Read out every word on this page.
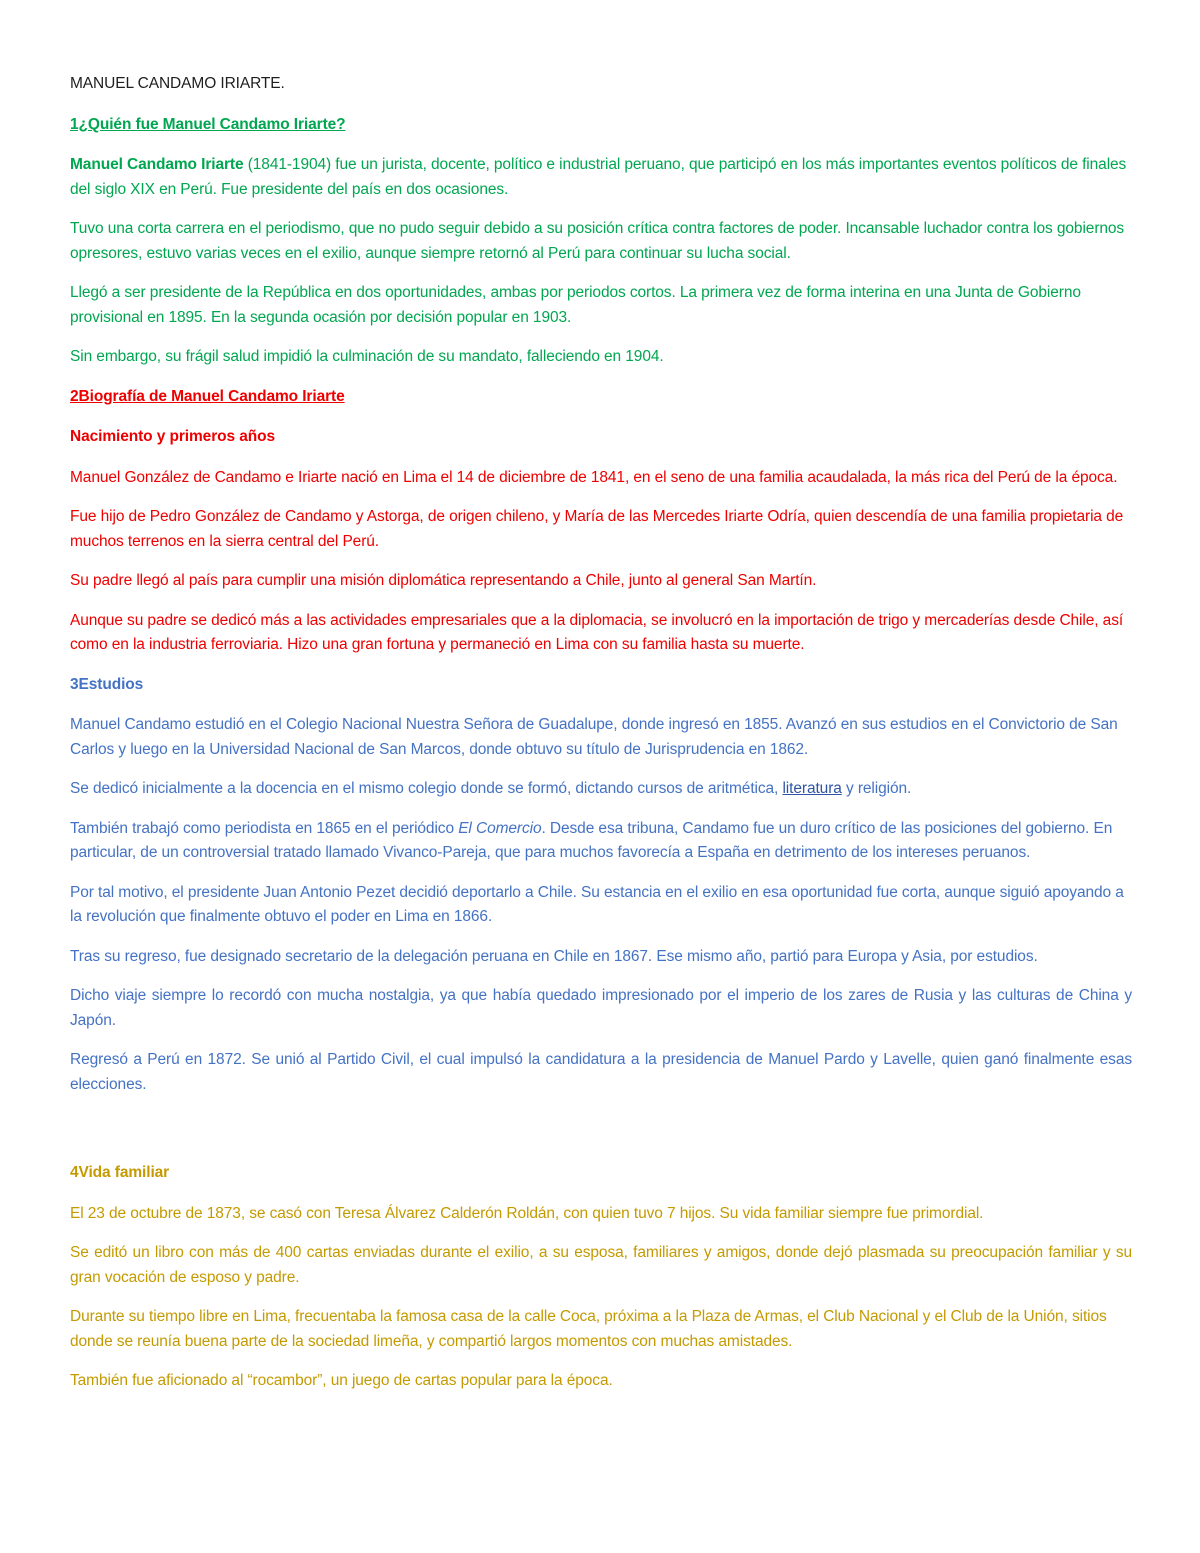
MANUEL CANDAMO IRIARTE.

1¿Quién fue Manuel Candamo Iriarte?

Manuel Candamo Iriarte (1841-1904) fue un jurista, docente, político e industrial peruano, que participó en los más importantes eventos políticos de finales del siglo XIX en Perú. Fue presidente del país en dos ocasiones.

Tuvo una corta carrera en el periodismo, que no pudo seguir debido a su posición crítica contra factores de poder. Incansable luchador contra los gobiernos opresores, estuvo varias veces en el exilio, aunque siempre retornó al Perú para continuar su lucha social.

Llegó a ser presidente de la República en dos oportunidades, ambas por periodos cortos. La primera vez de forma interina en una Junta de Gobierno provisional en 1895. En la segunda ocasión por decisión popular en 1903.

Sin embargo, su frágil salud impidió la culminación de su mandato, falleciendo en 1904.

2Biografía de Manuel Candamo Iriarte

Nacimiento y primeros años

Manuel González de Candamo e Iriarte nació en Lima el 14 de diciembre de 1841, en el seno de una familia acaudalada, la más rica del Perú de la época.

Fue hijo de Pedro González de Candamo y Astorga, de origen chileno, y María de las Mercedes Iriarte Odría, quien descendía de una familia propietaria de muchos terrenos en la sierra central del Perú.

Su padre llegó al país para cumplir una misión diplomática representando a Chile, junto al general San Martín.

Aunque su padre se dedicó más a las actividades empresariales que a la diplomacia, se involucró en la importación de trigo y mercaderías desde Chile, así como en la industria ferroviaria. Hizo una gran fortuna y permaneció en Lima con su familia hasta su muerte.

3Estudios

Manuel Candamo estudió en el Colegio Nacional Nuestra Señora de Guadalupe, donde ingresó en 1855. Avanzó en sus estudios en el Convictorio de San Carlos y luego en la Universidad Nacional de San Marcos, donde obtuvo su título de Jurisprudencia en 1862.

Se dedicó inicialmente a la docencia en el mismo colegio donde se formó, dictando cursos de aritmética, literatura y religión.

También trabajó como periodista en 1865 en el periódico El Comercio. Desde esa tribuna, Candamo fue un duro crítico de las posiciones del gobierno. En particular, de un controversial tratado llamado Vivanco-Pareja, que para muchos favorecía a España en detrimento de los intereses peruanos.

Por tal motivo, el presidente Juan Antonio Pezet decidió deportarlo a Chile. Su estancia en el exilio en esa oportunidad fue corta, aunque siguió apoyando a la revolución que finalmente obtuvo el poder en Lima en 1866.

Tras su regreso, fue designado secretario de la delegación peruana en Chile en 1867. Ese mismo año, partió para Europa y Asia, por estudios.

Dicho viaje siempre lo recordó con mucha nostalgia, ya que había quedado impresionado por el imperio de los zares de Rusia y las culturas de China y Japón.

Regresó a Perú en 1872. Se unió al Partido Civil, el cual impulsó la candidatura a la presidencia de Manuel Pardo y Lavelle, quien ganó finalmente esas elecciones.

4Vida familiar

El 23 de octubre de 1873, se casó con Teresa Álvarez Calderón Roldán, con quien tuvo 7 hijos. Su vida familiar siempre fue primordial.

Se editó un libro con más de 400 cartas enviadas durante el exilio, a su esposa, familiares y amigos, donde dejó plasmada su preocupación familiar y su gran vocación de esposo y padre.

Durante su tiempo libre en Lima, frecuentaba la famosa casa de la calle Coca, próxima a la Plaza de Armas, el Club Nacional y el Club de la Unión, sitios donde se reunía buena parte de la sociedad limeña, y compartió largos momentos con muchas amistades.

También fue aficionado al “rocambor”, un juego de cartas popular para la época.
